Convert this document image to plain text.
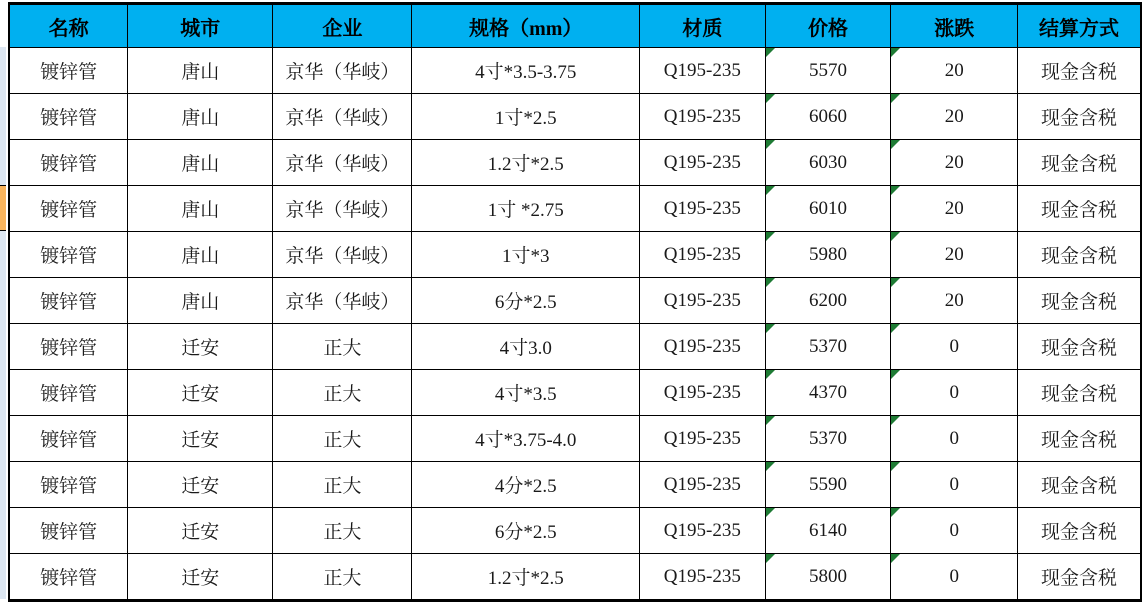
名称	城市	企业	规格（mm）	材质	价格	涨跌	结算方式
镀锌管	唐山	京华（华岐）	4寸*3.5-3.75	Q195-235	5570	20	现金含税
镀锌管	唐山	京华（华岐）	1寸*2.5	Q195-235	6060	20	现金含税
镀锌管	唐山	京华（华岐）	1.2寸*2.5	Q195-235	6030	20	现金含税
镀锌管	唐山	京华（华岐）	1寸 *2.75	Q195-235	6010	20	现金含税
镀锌管	唐山	京华（华岐）	1寸*3	Q195-235	5980	20	现金含税
镀锌管	唐山	京华（华岐）	6分*2.5	Q195-235	6200	20	现金含税
镀锌管	迁安	正大	4寸3.0	Q195-235	5370	0	现金含税
镀锌管	迁安	正大	4寸*3.5	Q195-235	4370	0	现金含税
镀锌管	迁安	正大	4寸*3.75-4.0	Q195-235	5370	0	现金含税
镀锌管	迁安	正大	4分*2.5	Q195-235	5590	0	现金含税
镀锌管	迁安	正大	6分*2.5	Q195-235	6140	0	现金含税
镀锌管	迁安	正大	1.2寸*2.5	Q195-235	5800	0	现金含税
